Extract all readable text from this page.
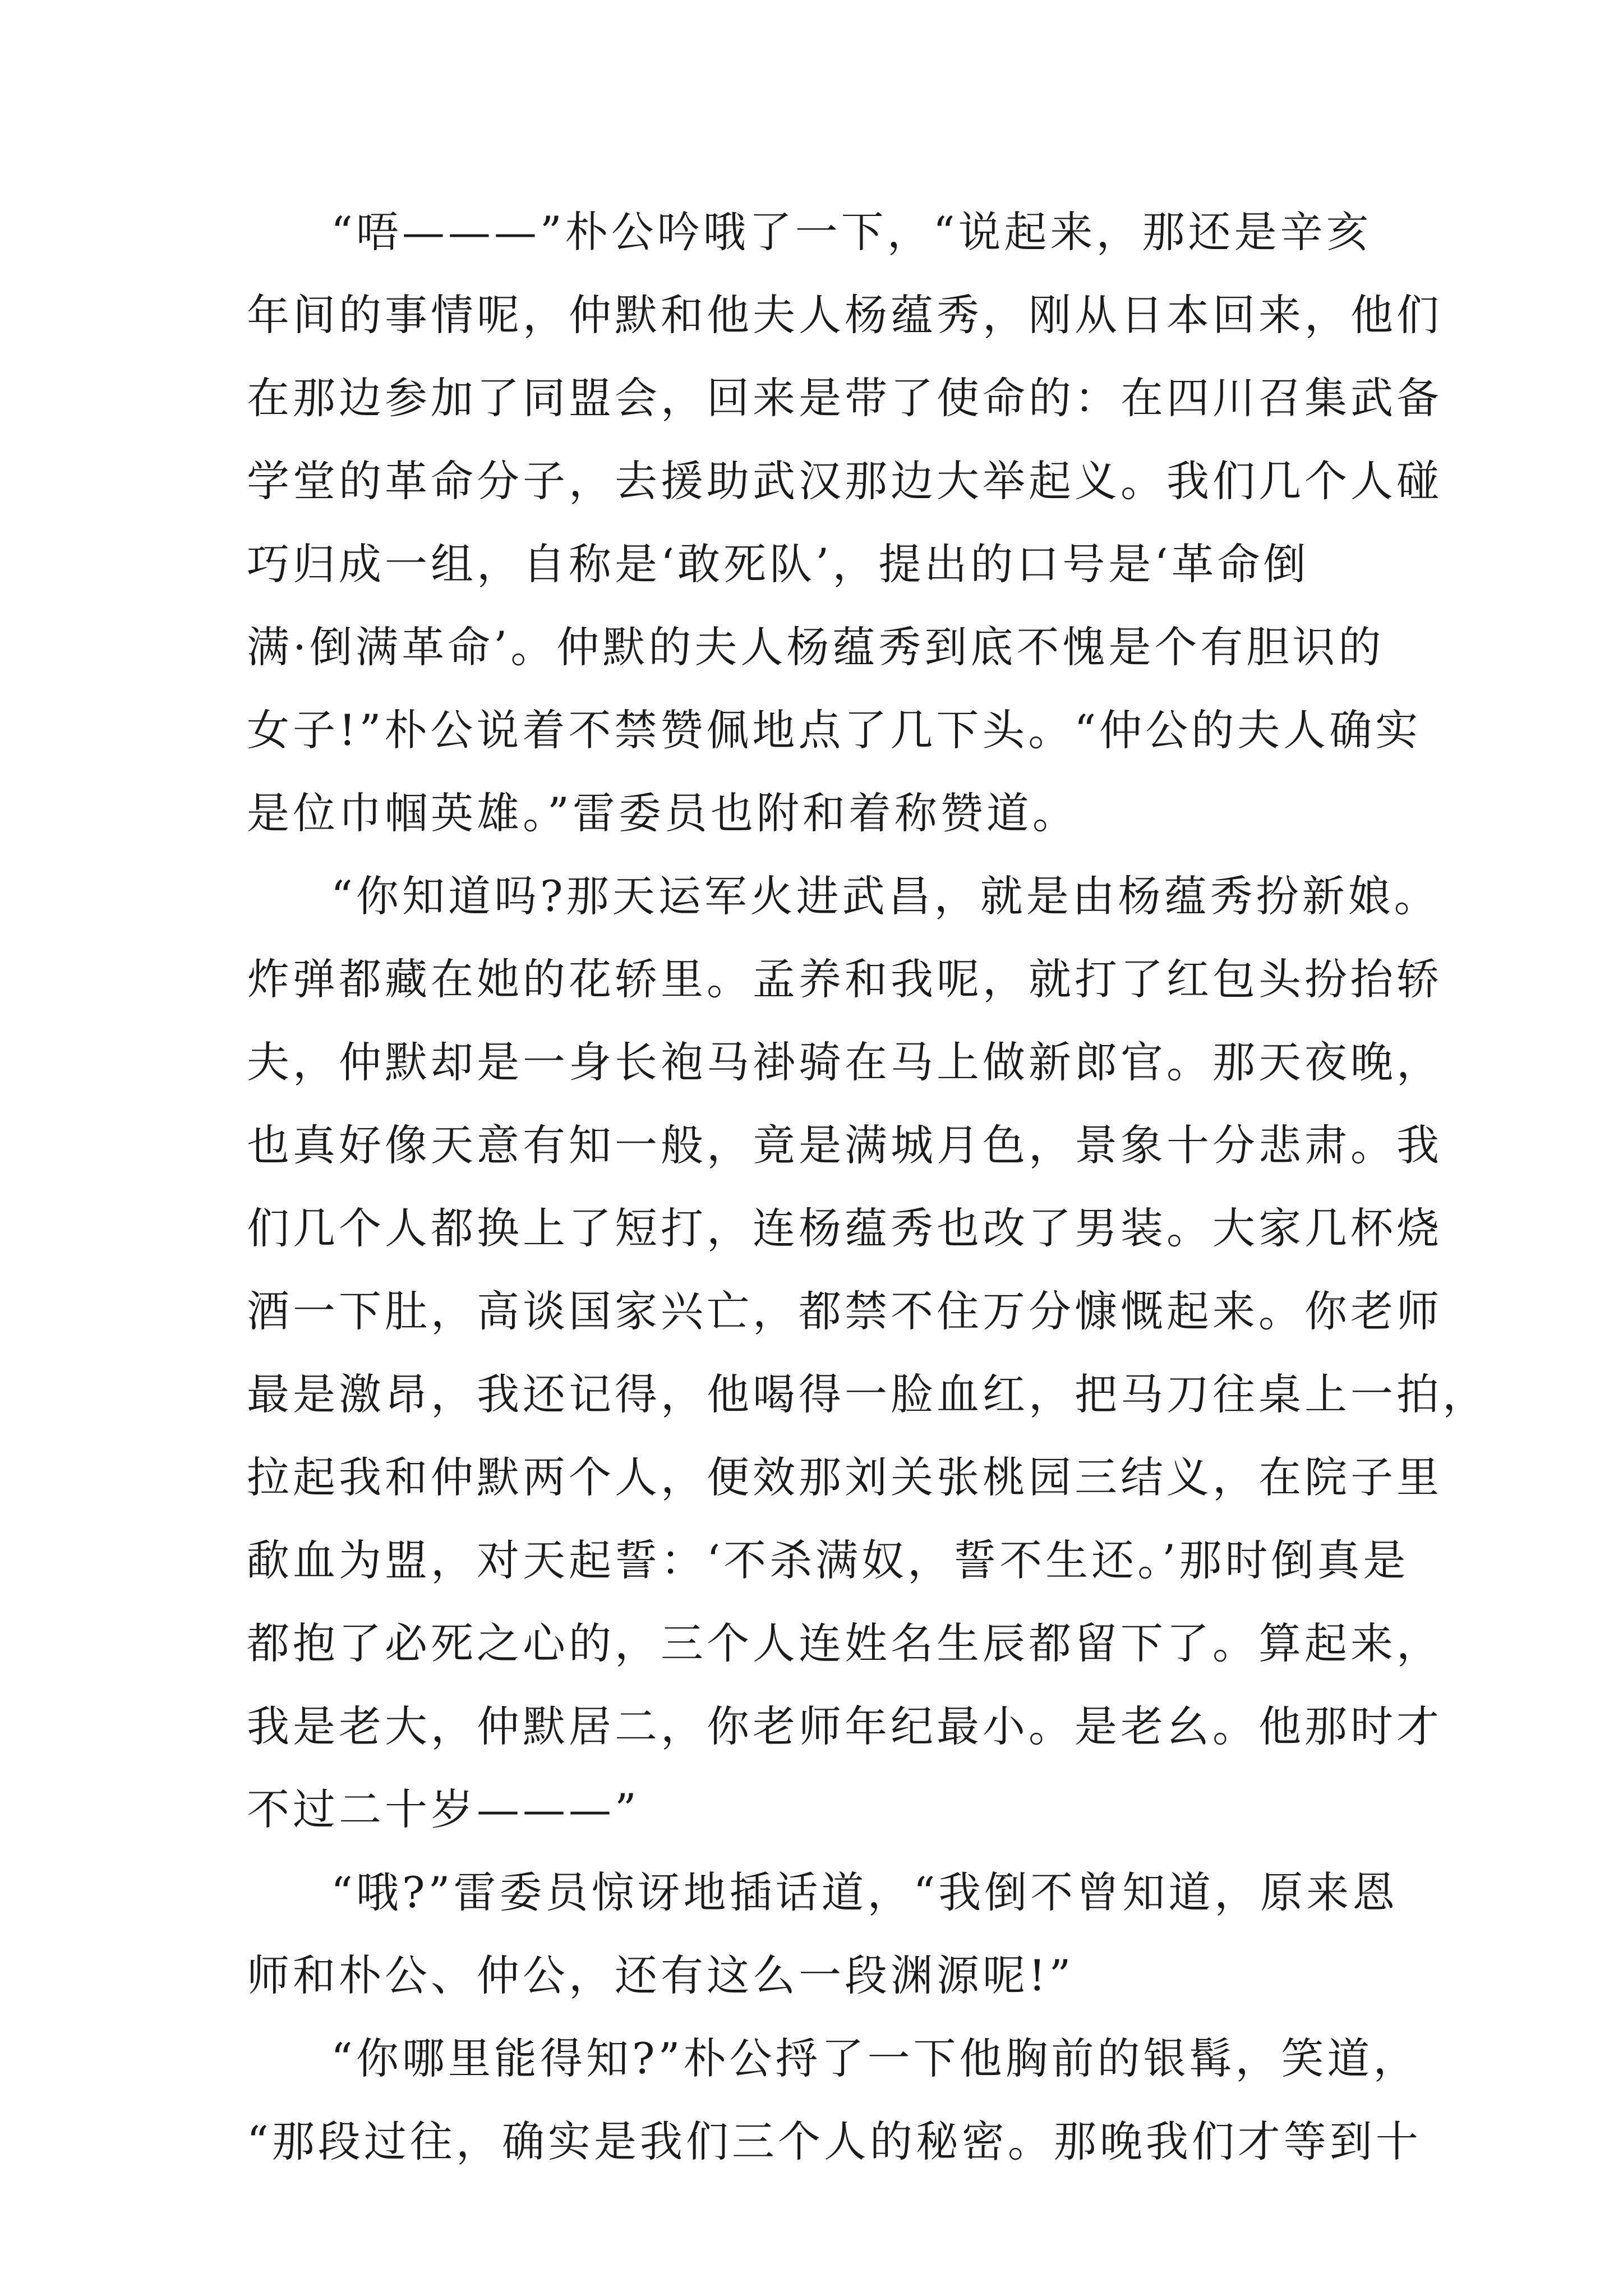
“唔———”朴公吟哦了一下，“说起来，那还是辛亥
年间的事情呢，仲默和他夫人杨蕴秀，刚从日本回来，他们
在那边参加了同盟会，回来是带了使命的：在四川召集武备
学堂的革命分子，去援助武汉那边大举起义。我们几个人碰
巧归成一组，自称是‘敢死队’，提出的口号是‘革命倒
满·倒满革命’。仲默的夫人杨蕴秀到底不愧是个有胆识的
女子!”朴公说着不禁赞佩地点了几下头。“仲公的夫人确实
是位巾帼英雄。”雷委员也附和着称赞道。
“你知道吗?那天运军火进武昌，就是由杨蕴秀扮新娘。
炸弹都藏在她的花轿里。孟养和我呢，就打了红包头扮抬轿
夫，仲默却是一身长袍马褂骑在马上做新郎官。那天夜晚，
也真好像天意有知一般，竟是满城月色，景象十分悲肃。我
们几个人都换上了短打，连杨蕴秀也改了男装。大家几杯烧
酒一下肚，高谈国家兴亡，都禁不住万分慷慨起来。你老师
最是激昂，我还记得，他喝得一脸血红，把马刀往桌上一拍，
拉起我和仲默两个人，便效那刘关张桃园三结义，在院子里
歃血为盟，对天起誓：‘不杀满奴，誓不生还。’那时倒真是
都抱了必死之心的，三个人连姓名生辰都留下了。算起来，
我是老大，仲默居二，你老师年纪最小。是老幺。他那时才
不过二十岁———”
“哦?”雷委员惊讶地插话道，“我倒不曾知道，原来恩
师和朴公、仲公，还有这么一段渊源呢!”
“你哪里能得知?”朴公捋了一下他胸前的银髯，笑道，
“那段过往，确实是我们三个人的秘密。那晚我们才等到十
